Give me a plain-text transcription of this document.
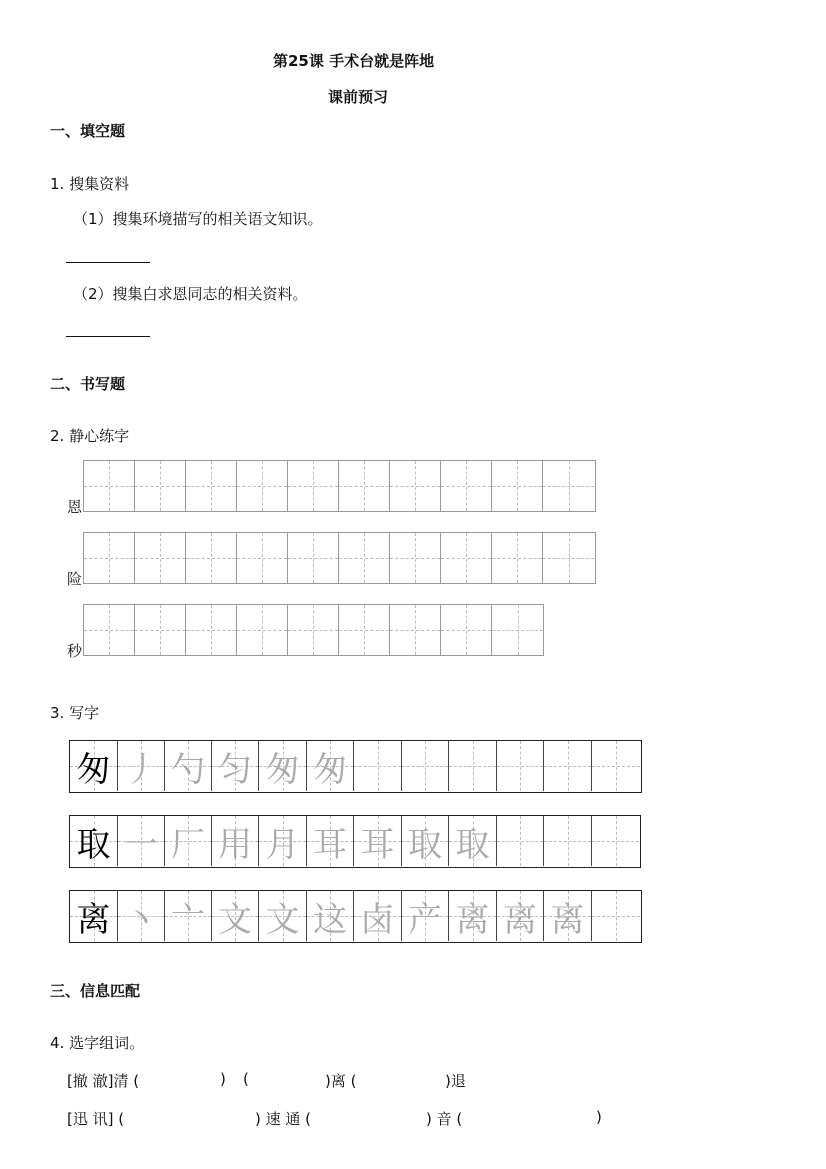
第25课 手术台就是阵地
课前预习
一、填空题
1. 搜集资料
（1）搜集环境描写的相关语文知识。
（2）搜集白求恩同志的相关资料。
二、书写题
2. 静心练字
恩
险
秒
3. 写字
匆 丿 勺 匀 匆 匆
取 一 厂 用 月 耳 耳 取 取
离 丶 亠 文 文 这 卤 产 离 离 离
三、信息匹配
4. 选字组词。
[撤 澈]清 (	) (	)离 (	)退
[迅 讯] (	) 速 通 (	) 音 (	)
